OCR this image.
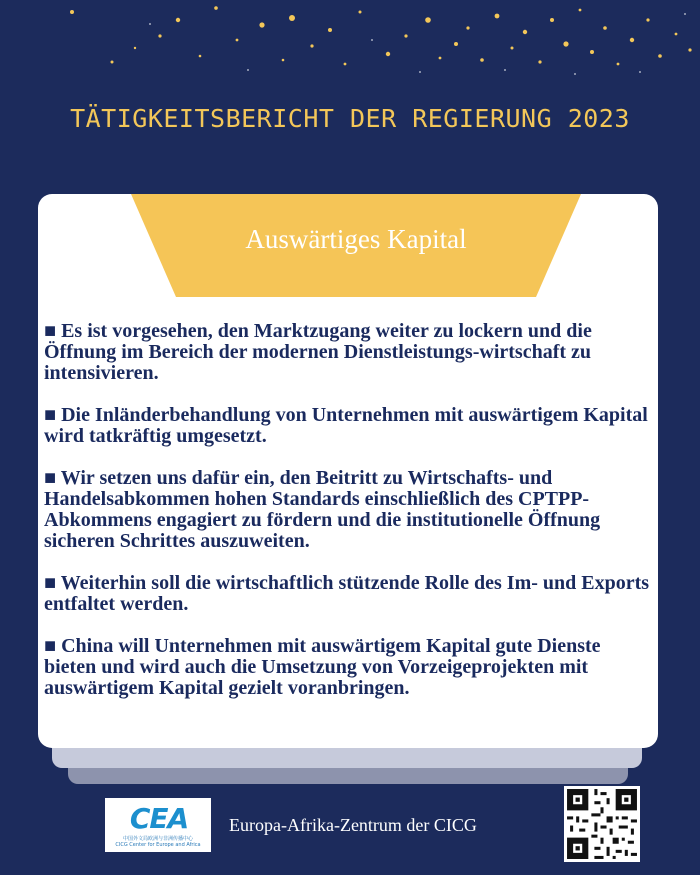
TÄTIGKEITSBERICHT DER REGIERUNG 2023
Auswärtiges Kapital

■ Es ist vorgesehen, den Marktzugang weiter zu lockern und die Öffnung im Bereich der modernen Dienstleistungs-wirtschaft zu intensivieren.

■ Die Inländerbehandlung von Unternehmen mit auswärtigem Kapital wird tatkräftig umgesetzt.

■ Wir setzen uns dafür ein, den Beitritt zu Wirtschafts- und Handelsabkommen hohen Standards einschließlich des CPTPP-Abkommens engagiert zu fördern und die institutionelle Öffnung sicheren Schrittes auszuweiten.

■ Weiterhin soll die wirtschaftlich stützende Rolle des Im- und Exports entfaltet werden.

■ China will Unternehmen mit auswärtigem Kapital gute Dienste bieten und wird auch die Umsetzung von Vorzeigeprojekten mit auswärtigem Kapital gezielt voranbringen.

CEA
中国外文局欧洲与非洲传播中心
CICG Center for Europe and Africa
Europa-Afrika-Zentrum der CICG
